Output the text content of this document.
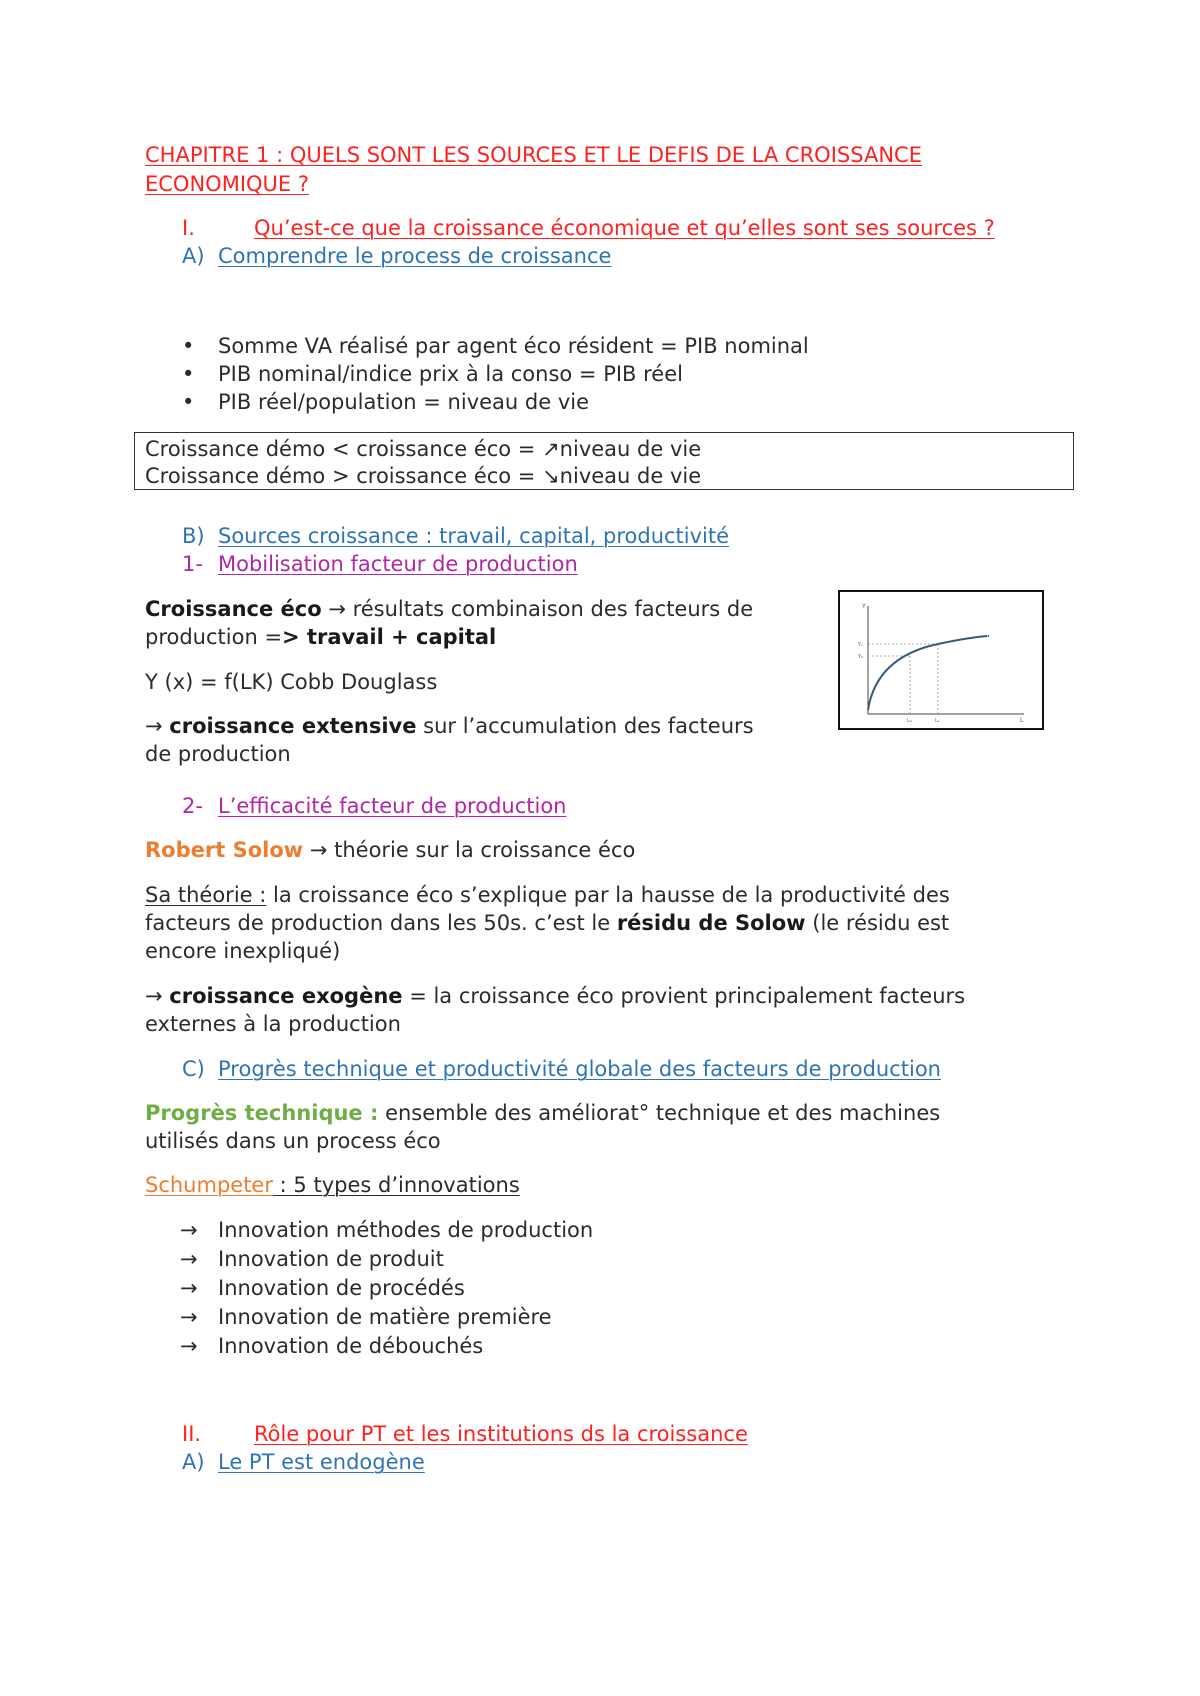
CHAPITRE 1 : QUELS SONT LES SOURCES ET LE DEFIS DE LA CROISSANCE
ECONOMIQUE ?
I.	Qu’est-ce que la croissance économique et qu’elles sont ses sources ?
A) Comprendre le process de croissance
• Somme VA réalisé par agent éco résident = PIB nominal
• PIB nominal/indice prix à la conso = PIB réel
• PIB réel/population = niveau de vie
Croissance démo < croissance éco = ↗niveau de vie
Croissance démo > croissance éco = ↘niveau de vie
B) Sources croissance : travail, capital, productivité
1- Mobilisation facteur de production
Croissance éco → résultats combinaison des facteurs de
production => travail + capital
Y (x) = f(LK) Cobb Douglass
→ croissance extensive sur l’accumulation des facteurs
de production
Y
L
Y₁
Y₀
L₀	L₁
2- L’efficacité facteur de production
Robert Solow → théorie sur la croissance éco
Sa théorie : la croissance éco s’explique par la hausse de la productivité des
facteurs de production dans les 50s. c’est le résidu de Solow (le résidu est
encore inexpliqué)
→ croissance exogène = la croissance éco provient principalement facteurs
externes à la production
C) Progrès technique et productivité globale des facteurs de production
Progrès technique : ensemble des améliorat° technique et des machines
utilisés dans un process éco
Schumpeter : 5 types d’innovations
→ Innovation méthodes de production
→ Innovation de produit
→ Innovation de procédés
→ Innovation de matière première
→ Innovation de débouchés
II.	Rôle pour PT et les institutions ds la croissance
A) Le PT est endogène
